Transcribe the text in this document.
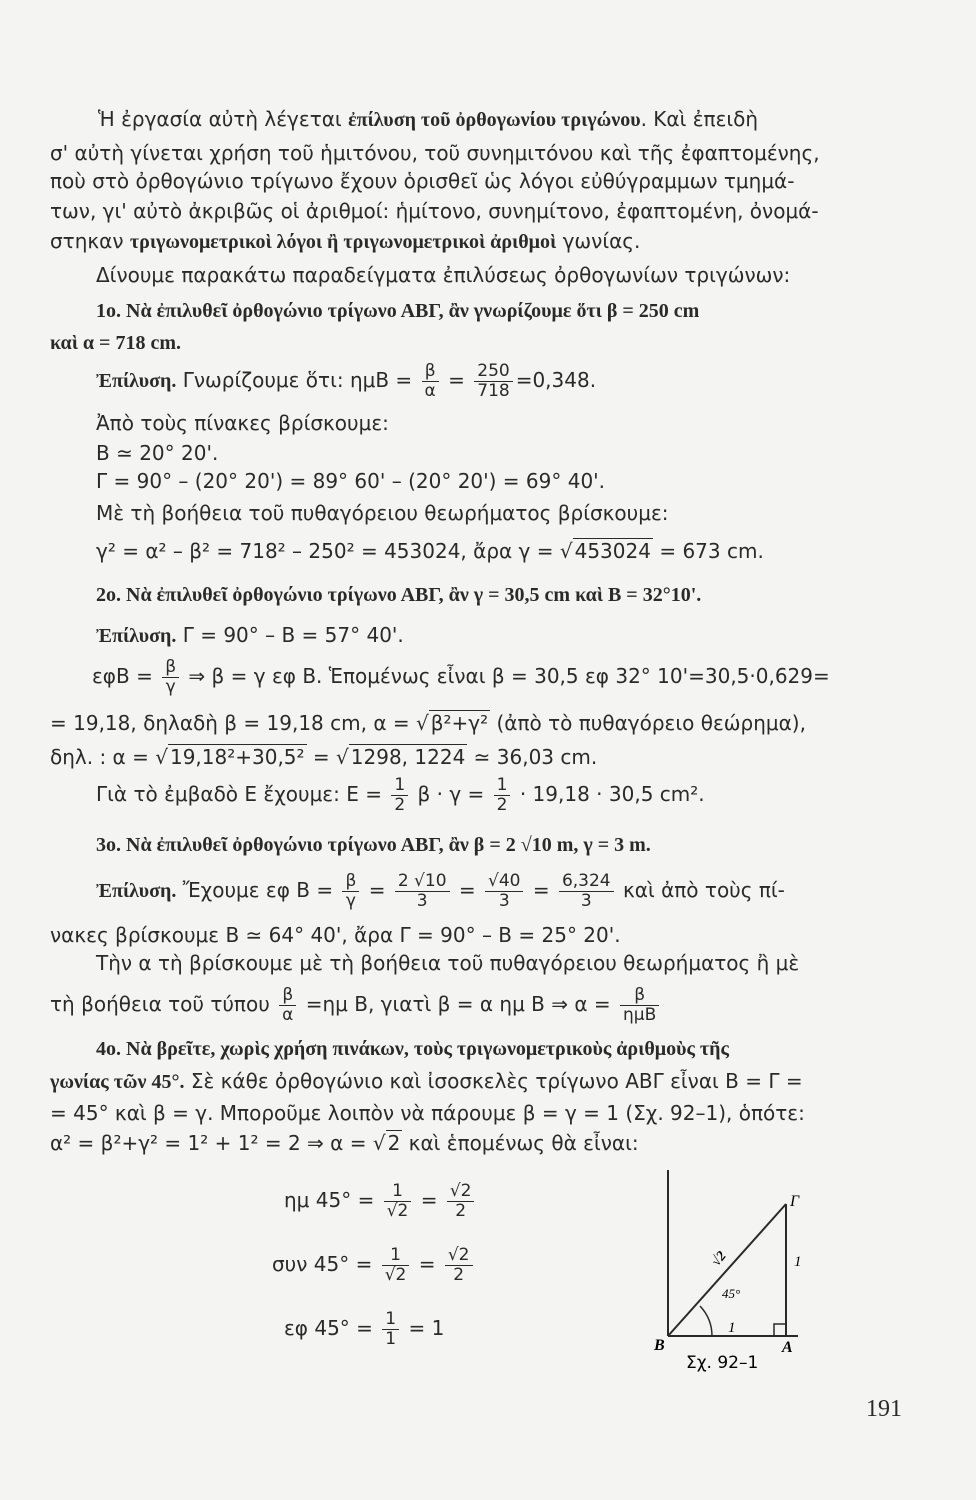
Ἡ ἐργασία αὐτὴ λέγεται ἐπίλυση τοῦ ὀρθογωνίου τριγώνου. Καὶ ἐπειδὴ
σ' αὐτὴ γίνεται χρήση τοῦ ἡμιτόνου, τοῦ συνημιτόνου καὶ τῆς ἐφαπτομένης,
ποὺ στὸ ὀρθογώνιο τρίγωνο ἔχουν ὁρισθεῖ ὡς λόγοι εὐθύγραμμων τμημά-
των, γι' αὐτὸ ἀκριβῶς οἱ ἀριθμοί: ἡμίτονο, συνημίτονο, ἐφαπτομένη, ὀνομά-
στηκαν τριγωνομετρικοὶ λόγοι ἢ τριγωνομετρικοὶ ἀριθμοὶ γωνίας.
Δίνουμε παρακάτω παραδείγματα ἐπιλύσεως ὀρθογωνίων τριγώνων:
1ο. Νὰ ἐπιλυθεῖ ὀρθογώνιο τρίγωνο ΑΒΓ, ἂν γνωρίζουμε ὅτι β = 250 cm
καὶ α = 718 cm.
Ἐπίλυση. Γνωρίζουμε ὅτι: $\eta\mu B = \frac{\beta}{\alpha} = \frac{250}{718} =0,348$.
Ἀπὸ τοὺς πίνακες βρίσκουμε:
Β ≃ 20° 20'.
Γ = 90° – (20° 20') = 89° 60' – (20° 20') = 69° 40'.
Μὲ τὴ βοήθεια τοῦ πυθαγόρειου θεωρήματος βρίσκουμε:
γ² = α² – β² = 718² – 250² = 453024, ἄρα γ = √ 453024 = 673 cm.
2ο. Νὰ ἐπιλυθεῖ ὀρθογώνιο τρίγωνο ΑΒΓ, ἂν γ = 30,5 cm καὶ Β = 32°10'.
Ἐπίλυση. Γ = 90° – Β = 57° 40'.
$\varepsilon\varphi B = \frac{\beta}{\gamma}$ ⇒ β = γ εφ Β. Ἑπομένως εἶναι β = 30,5 εφ 32° 10'=30,5·0,629=
= 19,18, δηλαδὴ β = 19,18 cm, α = √ β²+γ² (ἀπὸ τὸ πυθαγόρειο θεώρημα),
δηλ. : α = √ 19,18²+30,5² = √ 1298, 1224 ≃ 36,03 cm.
Γιὰ τὸ ἐμβαδὸ Ε ἔχουμε: $E = \frac{1}{2}$ $\beta \cdot \gamma = \frac{1}{2} \cdot 19,18 \cdot 30,5$ cm².
3ο. Νὰ ἐπιλυθεῖ ὀρθογώνιο τρίγωνο ΑΒΓ, ἂν β = 2 √10 m, γ = 3 m.
Ἐπίλυση. Ἔχουμε εφ $B = \frac{\beta}{\gamma} = \frac{2 √10}{3} = \frac{√40}{3} = \frac{6,324}{3}$ καὶ ἀπὸ τοὺς πί-
νακες βρίσκουμε Β ≃ 64° 40', ἄρα Γ = 90° – Β = 25° 20'.
Τὴν α τὴ βρίσκουμε μὲ τὴ βοήθεια τοῦ πυθαγόρειου θεωρήματος ἢ μὲ
τὴ βοήθεια τοῦ τύπου $\frac{\beta}{\alpha} =\eta\mu$ Β, γιατὶ β = α ημ Β ⇒ $\alpha = \frac{\beta}{\text{ημΒ}}$
4ο. Νὰ βρεῖτε, χωρὶς χρήση πινάκων, τοὺς τριγωνομετρικοὺς ἀριθμοὺς τῆς
γωνίας τῶν 45°. Σὲ κάθε ὀρθογώνιο καὶ ἰσοσκελὲς τρίγωνο ΑΒΓ εἶναι Β = Γ =
= 45° καὶ β = γ. Μποροῦμε λοιπὸν νὰ πάρουμε β = γ = 1 (Σχ. 92–1), ὁπότε:
α² = β²+γ² = 1² + 1² = 2 ⇒ α = √ 2 καὶ ἑπομένως θὰ εἶναι:
ημ $45^\circ = \frac{1}{√2} = \frac{√2}{2}$
συν $45^\circ = \frac{1}{√2} = \frac{√2}{2}$
εφ $45^\circ = \frac{1}{1} = 1$
Γ
Β	Α
√2	1
1
45°
Σχ. 92–1
191
